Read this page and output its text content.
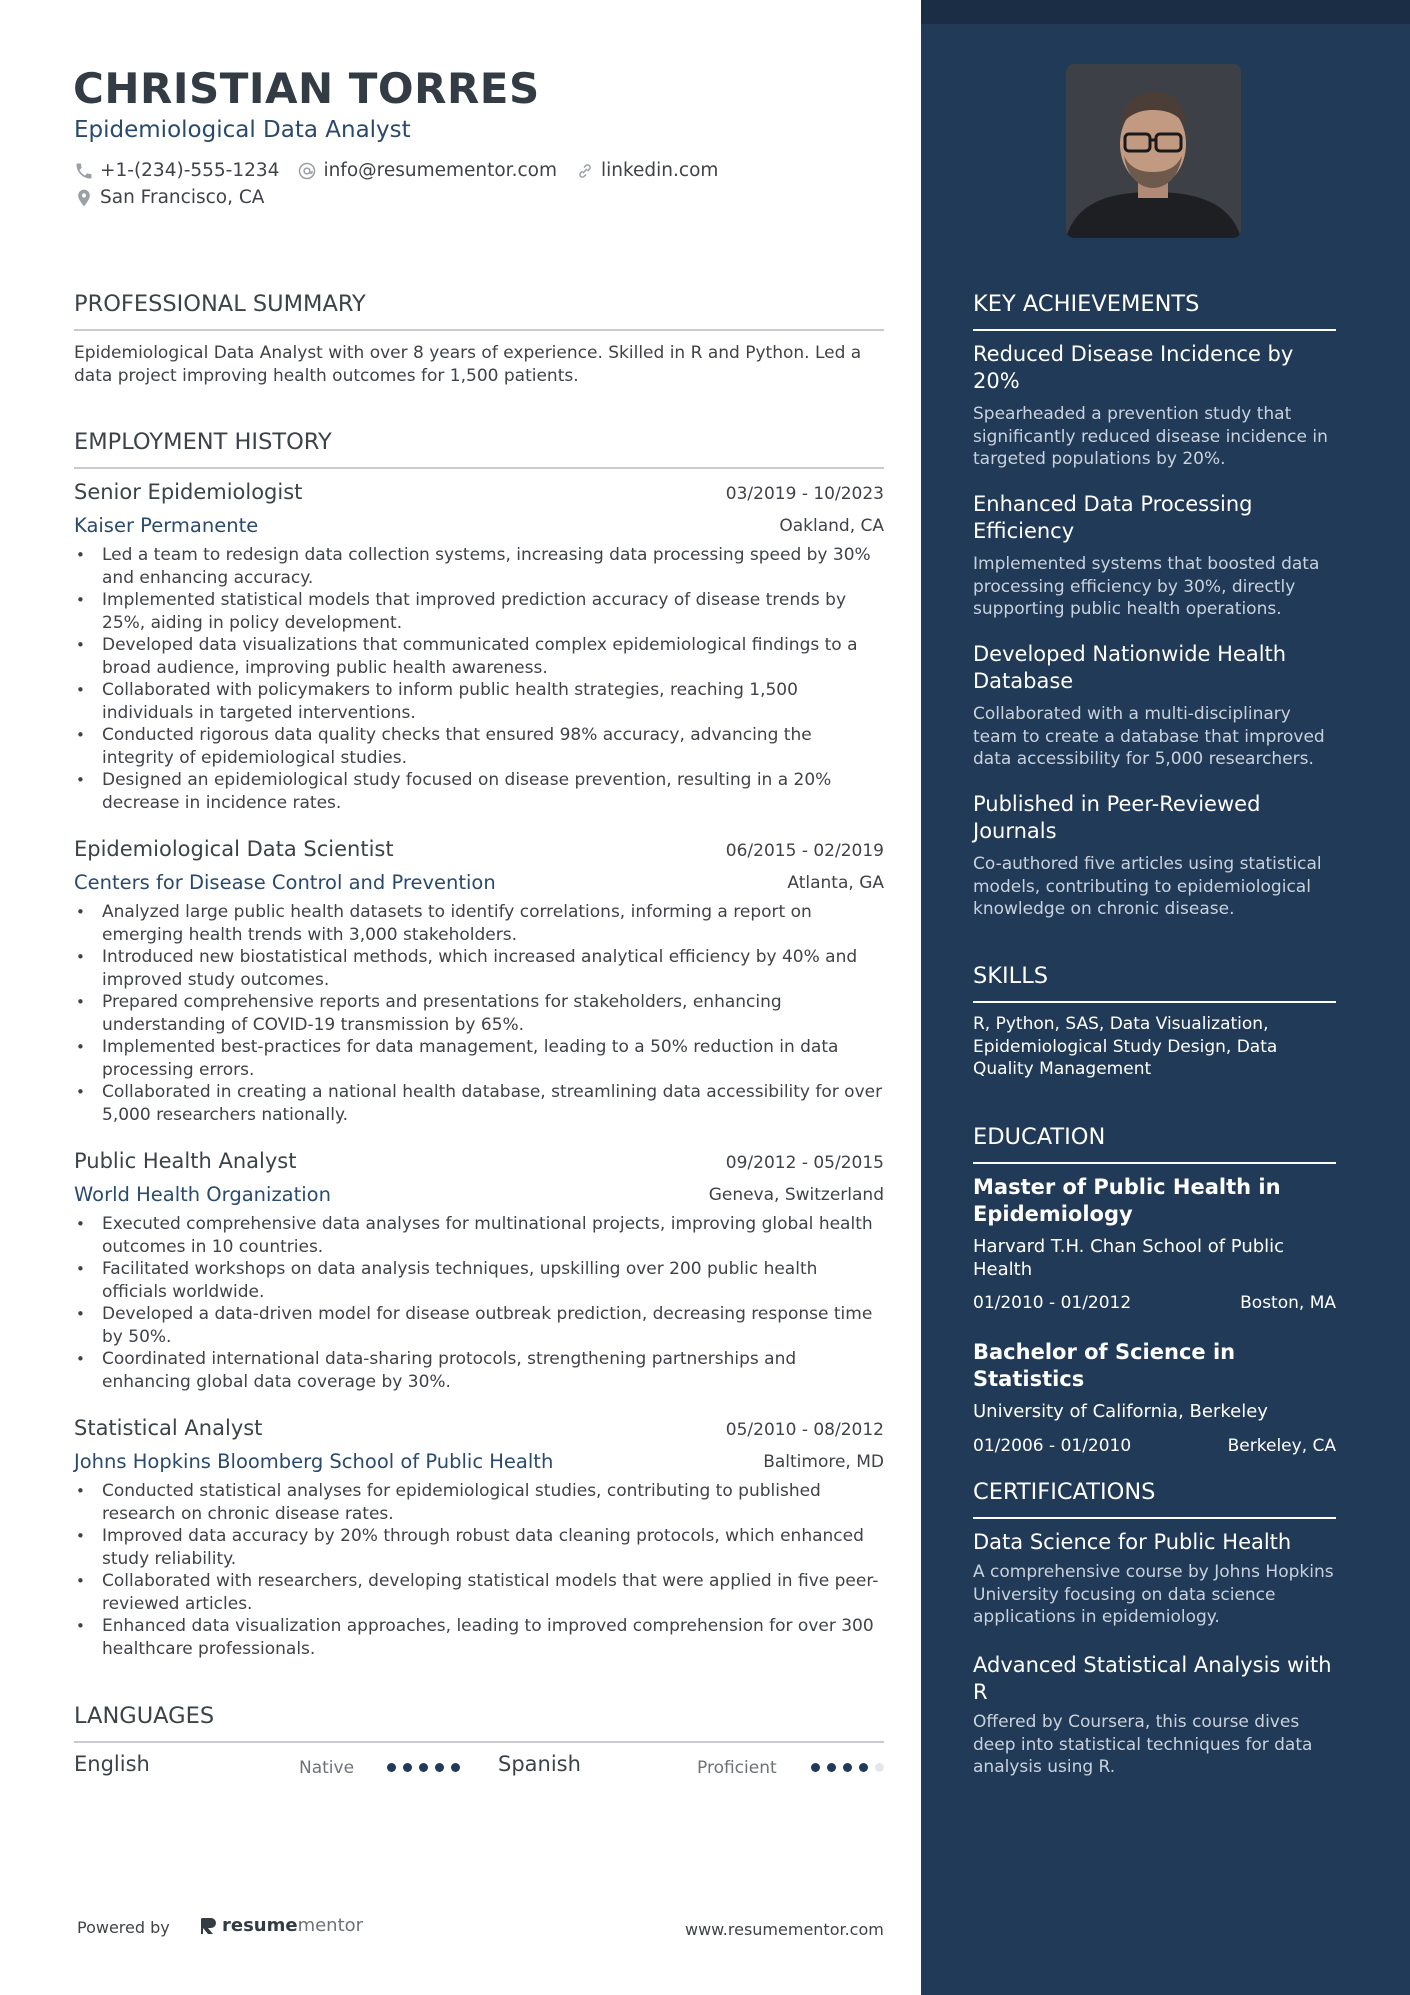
CHRISTIAN TORRES
Epidemiological Data Analyst
+1-(234)-555-1234 info@resumementor.com linkedin.com
San Francisco, CA
PROFESSIONAL SUMMARY
Epidemiological Data Analyst with over 8 years of experience. Skilled in R and Python. Led a data project improving health outcomes for 1,500 patients.
EMPLOYMENT HISTORY
Senior Epidemiologist	03/2019 - 10/2023
Kaiser Permanente	Oakland, CA
• Led a team to redesign data collection systems, increasing data processing speed by 30% and enhancing accuracy.
• Implemented statistical models that improved prediction accuracy of disease trends by 25%, aiding in policy development.
• Developed data visualizations that communicated complex epidemiological findings to a broad audience, improving public health awareness.
• Collaborated with policymakers to inform public health strategies, reaching 1,500 individuals in targeted interventions.
• Conducted rigorous data quality checks that ensured 98% accuracy, advancing the integrity of epidemiological studies.
• Designed an epidemiological study focused on disease prevention, resulting in a 20% decrease in incidence rates.
Epidemiological Data Scientist	06/2015 - 02/2019
Centers for Disease Control and Prevention	Atlanta, GA
• Analyzed large public health datasets to identify correlations, informing a report on emerging health trends with 3,000 stakeholders.
• Introduced new biostatistical methods, which increased analytical efficiency by 40% and improved study outcomes.
• Prepared comprehensive reports and presentations for stakeholders, enhancing understanding of COVID-19 transmission by 65%.
• Implemented best-practices for data management, leading to a 50% reduction in data processing errors.
• Collaborated in creating a national health database, streamlining data accessibility for over 5,000 researchers nationally.
Public Health Analyst	09/2012 - 05/2015
World Health Organization	Geneva, Switzerland
• Executed comprehensive data analyses for multinational projects, improving global health outcomes in 10 countries.
• Facilitated workshops on data analysis techniques, upskilling over 200 public health officials worldwide.
• Developed a data-driven model for disease outbreak prediction, decreasing response time by 50%.
• Coordinated international data-sharing protocols, strengthening partnerships and enhancing global data coverage by 30%.
Statistical Analyst	05/2010 - 08/2012
Johns Hopkins Bloomberg School of Public Health	Baltimore, MD
• Conducted statistical analyses for epidemiological studies, contributing to published research on chronic disease rates.
• Improved data accuracy by 20% through robust data cleaning protocols, which enhanced study reliability.
• Collaborated with researchers, developing statistical models that were applied in five peer-reviewed articles.
• Enhanced data visualization approaches, leading to improved comprehension for over 300 healthcare professionals.
LANGUAGES
English	Native	Spanish	Proficient
Powered by	resume mentor	www.resumementor.com
KEY ACHIEVEMENTS
Reduced Disease Incidence by 20%
Spearheaded a prevention study that significantly reduced disease incidence in targeted populations by 20%.
Enhanced Data Processing Efficiency
Implemented systems that boosted data processing efficiency by 30%, directly supporting public health operations.
Developed Nationwide Health Database
Collaborated with a multi-disciplinary team to create a database that improved data accessibility for 5,000 researchers.
Published in Peer-Reviewed Journals
Co-authored five articles using statistical models, contributing to epidemiological knowledge on chronic disease.
SKILLS
R, Python, SAS, Data Visualization, Epidemiological Study Design, Data Quality Management
EDUCATION
Master of Public Health in Epidemiology
Harvard T.H. Chan School of Public Health
01/2010 - 01/2012	Boston, MA
Bachelor of Science in Statistics
University of California, Berkeley
01/2006 - 01/2010	Berkeley, CA
CERTIFICATIONS
Data Science for Public Health
A comprehensive course by Johns Hopkins University focusing on data science applications in epidemiology.
Advanced Statistical Analysis with R
Offered by Coursera, this course dives deep into statistical techniques for data analysis using R.
